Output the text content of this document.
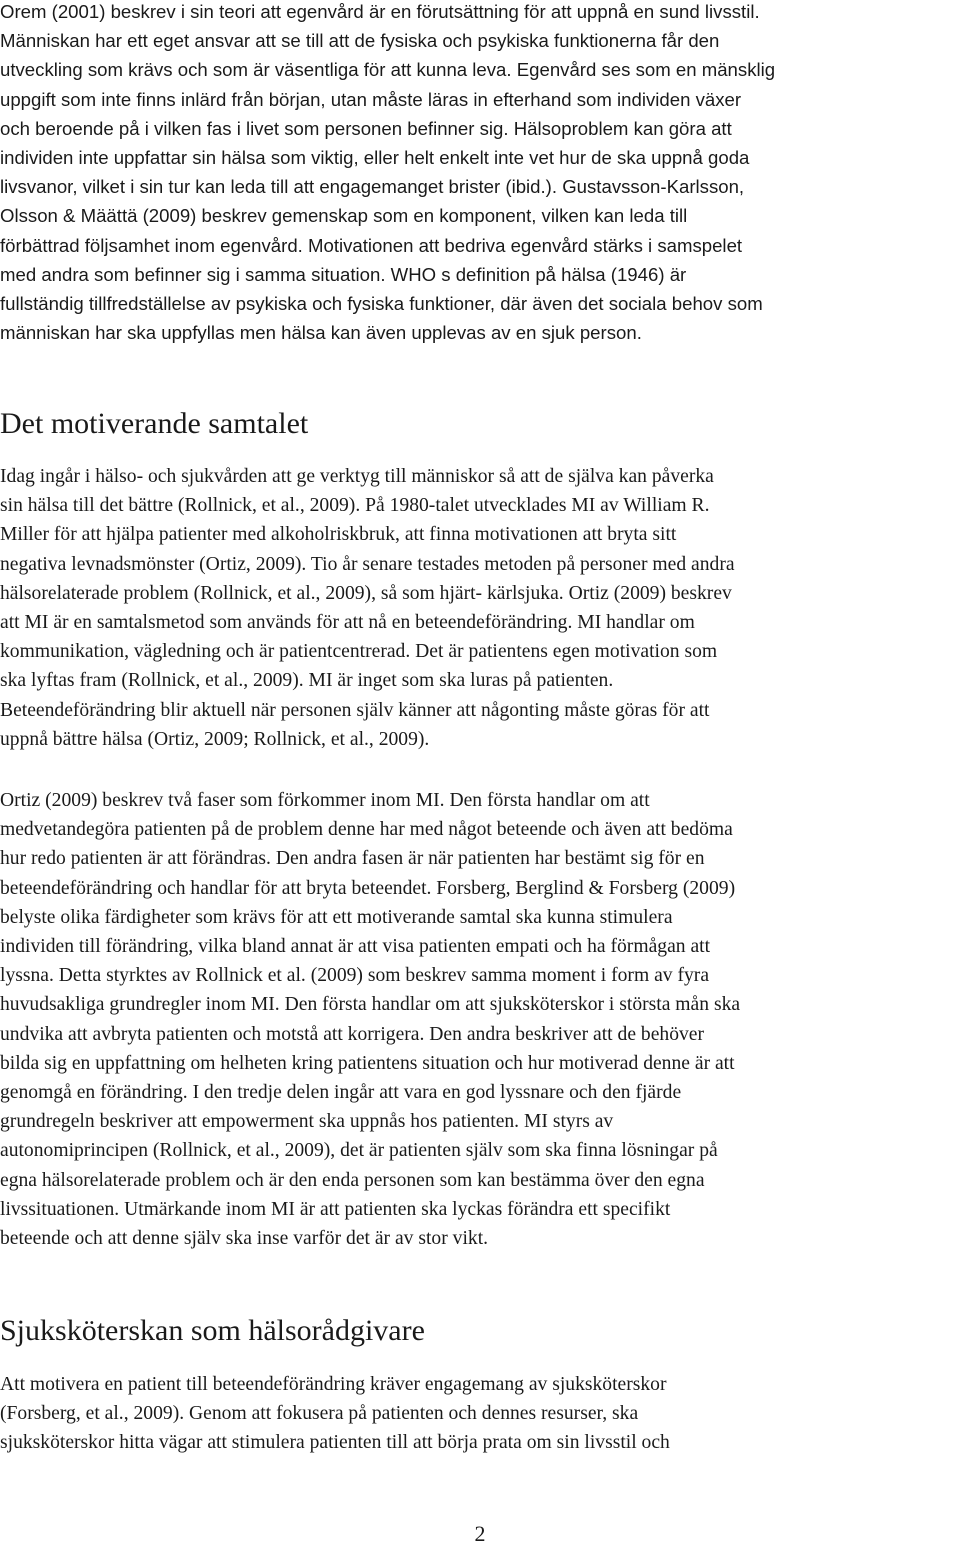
Orem (2001) beskrev i sin teori att egenvård är en förutsättning för att uppnå en sund livsstil.
Människan har ett eget ansvar att se till att de fysiska och psykiska funktionerna får den
utveckling som krävs och som är väsentliga för att kunna leva. Egenvård ses som en mänsklig
uppgift som inte finns inlärd från början, utan måste läras in efterhand som individen växer
och beroende på i vilken fas i livet som personen befinner sig. Hälsoproblem kan göra att
individen inte uppfattar sin hälsa som viktig, eller helt enkelt inte vet hur de ska uppnå goda
livsvanor, vilket i sin tur kan leda till att engagemanget brister (ibid.). Gustavsson-Karlsson,
Olsson & Määttä (2009) beskrev gemenskap som en komponent, vilken kan leda till
förbättrad följsamhet inom egenvård. Motivationen att bedriva egenvård stärks i samspelet
med andra som befinner sig i samma situation. WHO s definition på hälsa (1946) är
fullständig tillfredställelse av psykiska och fysiska funktioner, där även det sociala behov som
människan har ska uppfyllas men hälsa kan även upplevas av en sjuk person.
Det motiverande samtalet
Idag ingår i hälso- och sjukvården att ge verktyg till människor så att de själva kan påverka
sin hälsa till det bättre (Rollnick, et al., 2009). På 1980-talet utvecklades MI av William R.
Miller för att hjälpa patienter med alkoholriskbruk, att finna motivationen att bryta sitt
negativa levnadsmönster (Ortiz, 2009). Tio år senare testades metoden på personer med andra
hälsorelaterade problem (Rollnick, et al., 2009), så som hjärt- kärlsjuka. Ortiz (2009) beskrev
att MI är en samtalsmetod som används för att nå en beteendeförändring. MI handlar om
kommunikation, vägledning och är patientcentrerad. Det är patientens egen motivation som
ska lyftas fram (Rollnick, et al., 2009). MI är inget som ska luras på patienten.
Beteendeförändring blir aktuell när personen själv känner att någonting måste göras för att
uppnå bättre hälsa (Ortiz, 2009; Rollnick, et al., 2009).
Ortiz (2009) beskrev två faser som förkommer inom MI. Den första handlar om att
medvetandegöra patienten på de problem denne har med något beteende och även att bedöma
hur redo patienten är att förändras. Den andra fasen är när patienten har bestämt sig för en
beteendeförändring och handlar för att bryta beteendet. Forsberg, Berglind & Forsberg (2009)
belyste olika färdigheter som krävs för att ett motiverande samtal ska kunna stimulera
individen till förändring, vilka bland annat är att visa patienten empati och ha förmågan att
lyssna. Detta styrktes av Rollnick et al. (2009) som beskrev samma moment i form av fyra
huvudsakliga grundregler inom MI. Den första handlar om att sjuksköterskor i största mån ska
undvika att avbryta patienten och motstå att korrigera. Den andra beskriver att de behöver
bilda sig en uppfattning om helheten kring patientens situation och hur motiverad denne är att
genomgå en förändring. I den tredje delen ingår att vara en god lyssnare och den fjärde
grundregeln beskriver att empowerment ska uppnås hos patienten. MI styrs av
autonomiprincipen (Rollnick, et al., 2009), det är patienten själv som ska finna lösningar på
egna hälsorelaterade problem och är den enda personen som kan bestämma över den egna
livssituationen. Utmärkande inom MI är att patienten ska lyckas förändra ett specifikt
beteende och att denne själv ska inse varför det är av stor vikt.
Sjuksköterskan som hälsorådgivare
Att motivera en patient till beteendeförändring kräver engagemang av sjuksköterskor
(Forsberg, et al., 2009). Genom att fokusera på patienten och dennes resurser, ska
sjuksköterskor hitta vägar att stimulera patienten till att börja prata om sin livsstil och
2
